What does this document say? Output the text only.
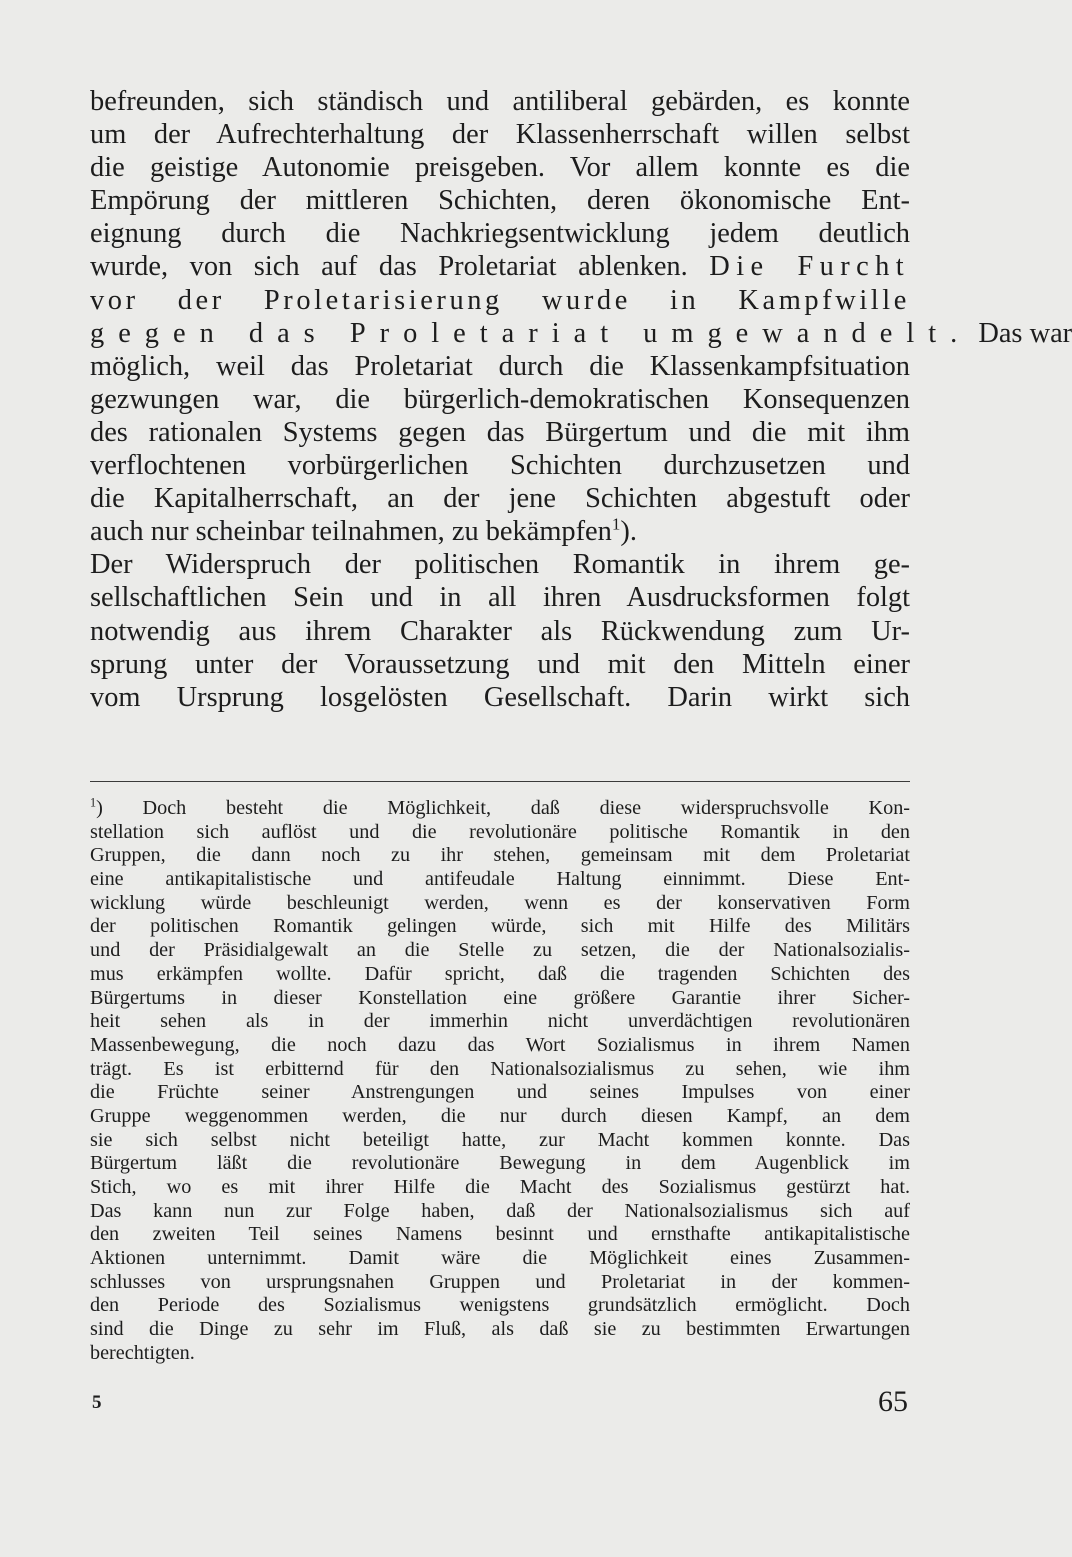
befreunden, sich ständisch und antiliberal gebärden, es konnte
um der Aufrechterhaltung der Klassenherrschaft willen selbst
die geistige Autonomie preisgeben. Vor allem konnte es die
Empörung der mittleren Schichten, deren ökonomische Ent-
eignung durch die Nachkriegsentwicklung jedem deutlich
wurde, von sich auf das Proletariat ablenken. Die Furcht
vor der Proletarisierung wurde in Kampfwille
gegen das Proletariat umgewandelt. Das war
möglich, weil das Proletariat durch die Klassenkampfsituation
gezwungen war, die bürgerlich-demokratischen Konsequenzen
des rationalen Systems gegen das Bürgertum und die mit ihm
verflochtenen vorbürgerlichen Schichten durchzusetzen und
die Kapitalherrschaft, an der jene Schichten abgestuft oder
auch nur scheinbar teilnahmen, zu bekämpfen$^1$).
Der Widerspruch der politischen Romantik in ihrem ge-
sellschaftlichen Sein und in all ihren Ausdrucksformen folgt
notwendig aus ihrem Charakter als Rückwendung zum Ur-
sprung unter der Voraussetzung und mit den Mitteln einer
vom Ursprung losgelösten Gesellschaft. Darin wirkt sich
$^1$) Doch besteht die Möglichkeit, daß diese widerspruchsvolle Kon-
stellation sich auflöst und die revolutionäre politische Romantik in den
Gruppen, die dann noch zu ihr stehen, gemeinsam mit dem Proletariat
eine antikapitalistische und antifeudale Haltung einnimmt. Diese Ent-
wicklung würde beschleunigt werden, wenn es der konservativen Form
der politischen Romantik gelingen würde, sich mit Hilfe des Militärs
und der Präsidialgewalt an die Stelle zu setzen, die der Nationalsozialis-
mus erkämpfen wollte. Dafür spricht, daß die tragenden Schichten des
Bürgertums in dieser Konstellation eine größere Garantie ihrer Sicher-
heit sehen als in der immerhin nicht unverdächtigen revolutionären
Massenbewegung, die noch dazu das Wort Sozialismus in ihrem Namen
trägt. Es ist erbitternd für den Nationalsozialismus zu sehen, wie ihm
die Früchte seiner Anstrengungen und seines Impulses von einer
Gruppe weggenommen werden, die nur durch diesen Kampf, an dem
sie sich selbst nicht beteiligt hatte, zur Macht kommen konnte. Das
Bürgertum läßt die revolutionäre Bewegung in dem Augenblick im
Stich, wo es mit ihrer Hilfe die Macht des Sozialismus gestürzt hat.
Das kann nun zur Folge haben, daß der Nationalsozialismus sich auf
den zweiten Teil seines Namens besinnt und ernsthafte antikapitalistische
Aktionen unternimmt. Damit wäre die Möglichkeit eines Zusammen-
schlusses von ursprungsnahen Gruppen und Proletariat in der kommen-
den Periode des Sozialismus wenigstens grundsätzlich ermöglicht. Doch
sind die Dinge zu sehr im Fluß, als daß sie zu bestimmten Erwartungen
berechtigten.
5	65
